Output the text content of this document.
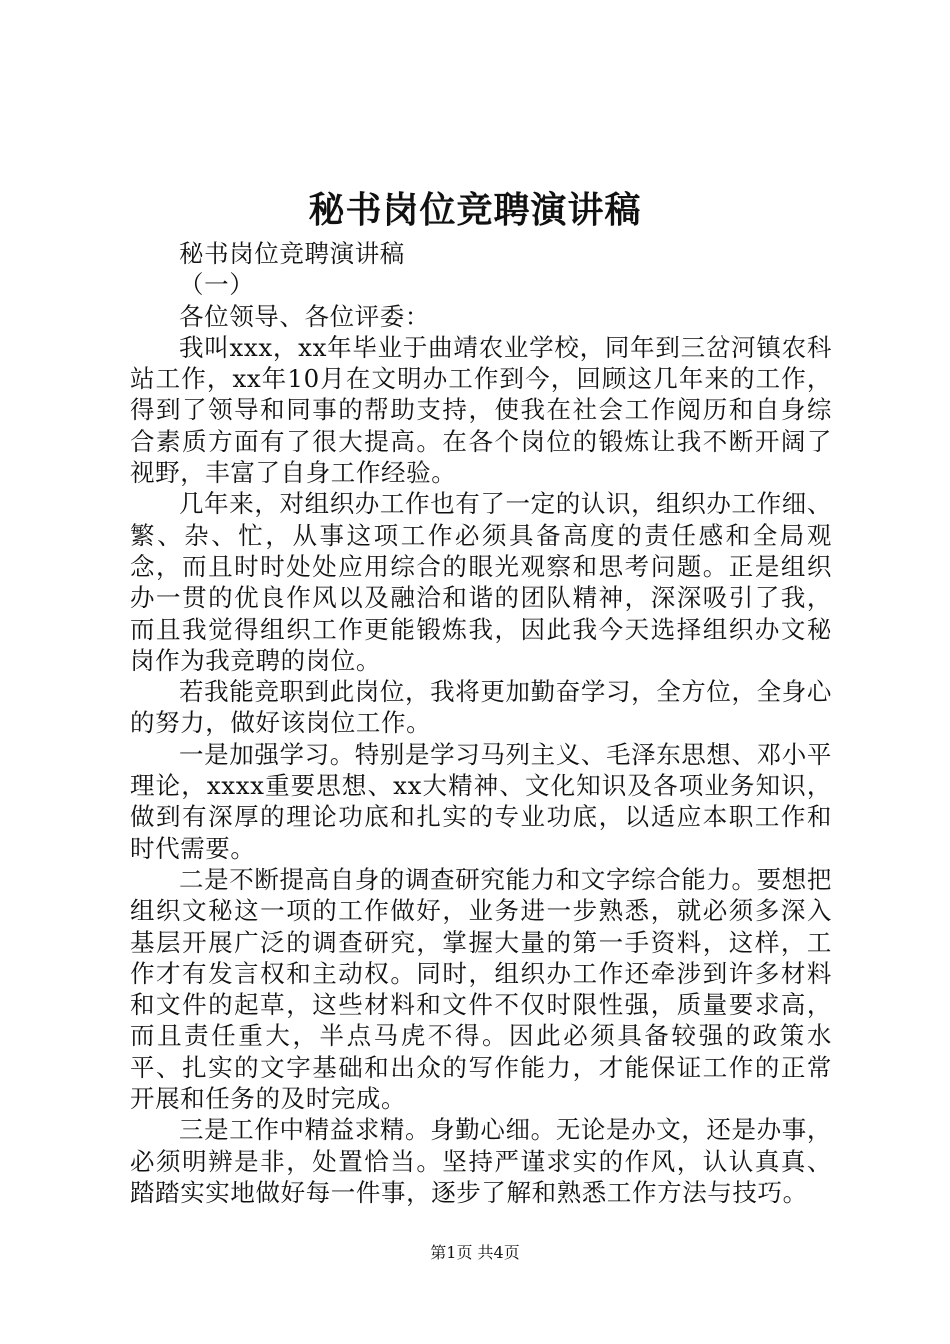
秘书岗位竞聘演讲稿

秘书岗位竞聘演讲稿

（一）

各位领导、各位评委：

我叫xxx，xx年毕业于曲靖农业学校，同年到三岔河镇农科站工作，xx年10月在文明办工作到今，回顾这几年来的工作，得到了领导和同事的帮助支持，使我在社会工作阅历和自身综合素质方面有了很大提高。在各个岗位的锻炼让我不断开阔了视野，丰富了自身工作经验。

几年来，对组织办工作也有了一定的认识，组织办工作细、繁、杂、忙，从事这项工作必须具备高度的责任感和全局观念，而且时时处处应用综合的眼光观察和思考问题。正是组织办一贯的优良作风以及融洽和谐的团队精神，深深吸引了我，而且我觉得组织工作更能锻炼我，因此我今天选择组织办文秘岗作为我竞聘的岗位。

若我能竞职到此岗位，我将更加勤奋学习，全方位，全身心的努力，做好该岗位工作。

一是加强学习。特别是学习马列主义、毛泽东思想、邓小平理论，xxxx重要思想、xx大精神、文化知识及各项业务知识，做到有深厚的理论功底和扎实的专业功底，以适应本职工作和时代需要。

二是不断提高自身的调查研究能力和文字综合能力。要想把组织文秘这一项的工作做好，业务进一步熟悉，就必须多深入基层开展广泛的调查研究，掌握大量的第一手资料，这样，工作才有发言权和主动权。同时，组织办工作还牵涉到许多材料和文件的起草，这些材料和文件不仅时限性强，质量要求高，而且责任重大，半点马虎不得。因此必须具备较强的政策水平、扎实的文字基础和出众的写作能力，才能保证工作的正常开展和任务的及时完成。

三是工作中精益求精。身勤心细。无论是办文，还是办事，必须明辨是非，处置恰当。坚持严谨求实的作风，认认真真、踏踏实实地做好每一件事，逐步了解和熟悉工作方法与技巧。

第1页 共4页
